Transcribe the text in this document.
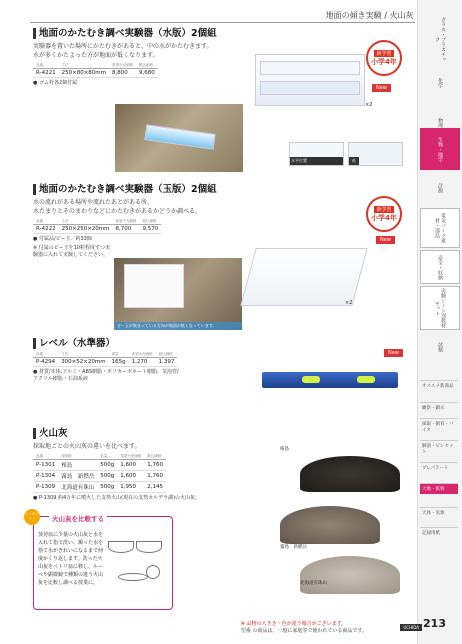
地面の傾き実験 / 火山灰
ガラス・プラスチック
化学
物理
生物・地学
計測
電気パーツ素材・部品
安全・収納
実験シーン別教材セット
試薬
オススメ新商品
観察・顕示
採取・飼育・バイオ
解剖・ピンセット
プレパラート
大地・鉱物
天体・気象
記録用紙
地面のかたむき調べ実験器（水版）2個組
実験器を置いた場所にかたむきがあると、中の水がかたむきます。
水が多くかたよった方が地面が低くなります。
品番	寸法	希望小売価格	税込価格
R-4221	250×80×80mm	8,800	9,680
● ゴム栓各2個付属
新学習
小学4年
New
×2
水平位置	低
地面のかたむき調べ実験器（玉版）2個組
水の流れがある場所や流れたあとがある所、
水たまりとそのまわりなどにかたむきがあるかどうか調べる。
品番	寸法	希望小売価格	税込価格
R-4222	250×250×20mm	8,700	9,570
● 付属品/ビー玉／約33個
※ 付属のビー玉を10粒程度ずつ実験器に入れて実験してください。
ビー玉が集まっている方向が地面が低くなっています。
新学習
小学4年
New
×2
レベル（水準器）
品番	寸法	重量	希望小売価格	税込価格
P-4294	300×52×20mm	165g	1,270	1,397
● 材質/本体:アルミ・ABS樹脂・ポリカーボネート樹脂、気泡管/アクリル樹脂・石油系液
New
火山灰
採取地ごとの火山灰の違いを比べます。
品番	採取地	容量	希望小売価格	税込価格
P-1301	桜島	500g	1,600	1,760
P-1304	霧島　新燃岳	500g	1,600	1,760
P-1309	北海道有珠山	500g	1,950	2,145
● P-1309 約4万年に噴火した支笏火山(現在の支笏カルデラ湖)の火山灰。
桜島
霧島　新燃岳
北海道有珠山
ワンポイント	火山灰を比較する
蒸発皿に少量の火山灰と水を入れて指で洗い、濁った水を捨て水がきれいになるまで何度かくり返します。洗った火山灰をペトリ皿に移し、ルーペや顕微鏡で種類の違う火山灰を比較し調べる授業に。
※ 品物の大きさ・色が違う場合がございます。
型番 の商品は、一般に家庭等で使われている商品です。
UCHIDA 213
